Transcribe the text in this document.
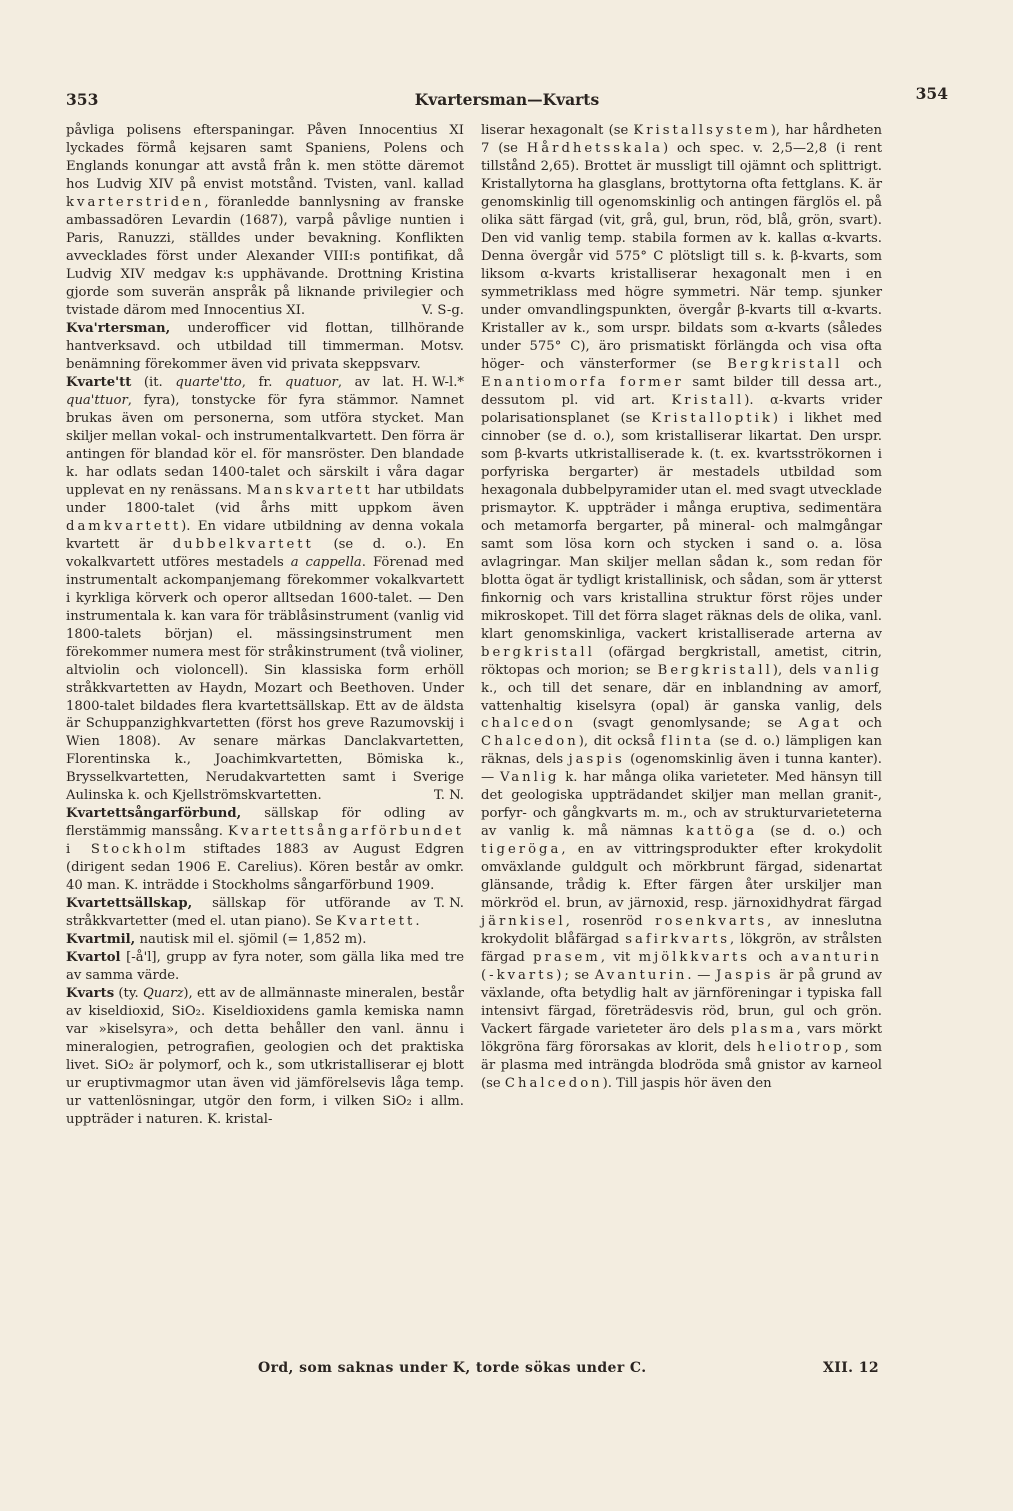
353	Kvartersman—Kvarts	354

påvliga polisens efterspaningar. Påven Innocentius XI lyckades förmå kejsaren samt Spaniens, Polens och Englands konungar att avstå från k. men stötte däremot hos Ludvig XIV på envist motstånd. Tvisten, vanl. kallad kvarterstriden, föranledde bannlysning av franske ambassadören Levardin (1687), varpå påvlige nuntien i Paris, Ranuzzi, ställdes under bevakning. Konflikten avvecklades först under Alexander VIII:s pontifikat, då Ludvig XIV medgav k:s upphävande. Drottning Kristina gjorde som suverän anspråk på liknande privilegier och tvistade därom med Innocentius XI.	V. S-g.

Kva'rtersman, underofficer vid flottan, tillhörande hantverksavd. och utbildad till timmerman. Motsv. benämning förekommer även vid privata skeppsvarv.
H. W-l.*

Kvarte'tt (it. quarte'tto, fr. quatuor, av lat. qua'ttuor, fyra), tonstycke för fyra stämmor. Namnet brukas även om personerna, som utföra stycket. Man skiljer mellan vokal- och instrumentalkvartett. Den förra är antingen för blandad kör el. för mansröster. Den blandade k. har odlats sedan 1400-talet och särskilt i våra dagar upplevat en ny renässans. Manskvartett har utbildats under 1800-talet (vid århs mitt uppkom även damkvartett). En vidare utbildning av denna vokala kvartett är dubbelkvartett (se d. o.). En vokalkvartett utföres mestadels a cappella. Förenad med instrumentalt ackompanjemang förekommer vokalkvartett i kyrkliga körverk och operor alltsedan 1600-talet. — Den instrumentala k. kan vara för träblåsinstrument (vanlig vid 1800-talets början) el. mässingsinstrument men förekommer numera mest för stråkinstrument (två violiner, altviolin och violoncell). Sin klassiska form erhöll stråkkvartetten av Haydn, Mozart och Beethoven. Under 1800-talet bildades flera kvartettsällskap. Ett av de äldsta är Schuppanzighkvartetten (först hos greve Razumovskij i Wien 1808). Av senare märkas Danclakvartetten, Florentinska k., Joachimkvartetten, Bömiska k., Brysselkvartetten, Nerudakvartetten samt i Sverige Aulinska k. och Kjellströmskvartetten.	T. N.

Kvartettsångarförbund, sällskap för odling av flerstämmig manssång. Kvartettsångarförbundet i Stockholm stiftades 1883 av August Edgren (dirigent sedan 1906 E. Carelius). Kören består av omkr. 40 man. K. inträdde i Stockholms sångarförbund 1909.
T. N.

Kvartettsällskap, sällskap för utförande av stråkkvartetter (med el. utan piano). Se Kvartett.

Kvartmil, nautisk mil el. sjömil (= 1,852 m).

Kvartol [-å'l], grupp av fyra noter, som gälla lika med tre av samma värde.

Kvarts (ty. Quarz), ett av de allmännaste mineralen, består av kiseldioxid, SiO₂. Kiseldioxidens gamla kemiska namn var »kiselsyra», och detta behåller den vanl. ännu i mineralogien, petrografien, geologien och det praktiska livet. SiO₂ är polymorf, och k., som utkristalliserar ej blott ur eruptivmagmor utan även vid jämförelsevis låga temp. ur vattenlösningar, utgör den form, i vilken SiO₂ i allm. uppträder i naturen. K. kristal-

liserar hexagonalt (se Kristallsystem), har hårdheten 7 (se Hårdhetsskala) och spec. v. 2,5—2,8 (i rent tillstånd 2,65). Brottet är mussligt till ojämnt och splittrigt. Kristallytorna ha glasglans, brottytorna ofta fettglans. K. är genomskinlig till ogenomskinlig och antingen färglös el. på olika sätt färgad (vit, grå, gul, brun, röd, blå, grön, svart). Den vid vanlig temp. stabila formen av k. kallas α-kvarts. Denna övergår vid 575° C plötsligt till s. k. β-kvarts, som liksom α-kvarts kristalliserar hexagonalt men i en symmetriklass med högre symmetri. När temp. sjunker under omvandlingspunkten, övergår β-kvarts till α-kvarts. Kristaller av k., som urspr. bildats som α-kvarts (således under 575° C), äro prismatiskt förlängda och visa ofta höger- och vänsterformer (se Bergkristall och Enantiomorfa former samt bilder till dessa art., dessutom pl. vid art. Kristall). α-kvarts vrider polarisationsplanet (se Kristalloptik) i likhet med cinnober (se d. o.), som kristalliserar likartat. Den urspr. som β-kvarts utkristalliserade k. (t. ex. kvartsströkornen i porfyriska bergarter) är mestadels utbildad som hexagonala dubbelpyramider utan el. med svagt utvecklade prismaytor. K. uppträder i många eruptiva, sedimentära och metamorfa bergarter, på mineral- och malmgångar samt som lösa korn och stycken i sand o. a. lösa avlagringar. Man skiljer mellan sådan k., som redan för blotta ögat är tydligt kristallinisk, och sådan, som är ytterst finkornig och vars kristallina struktur först röjes under mikroskopet. Till det förra slaget räknas dels de olika, vanl. klart genomskinliga, vackert kristalliserade arterna av bergkristall (ofärgad bergkristall, ametist, citrin, röktopas och morion; se Bergkristall), dels vanlig k., och till det senare, där en inblandning av amorf, vattenhaltig kiselsyra (opal) är ganska vanlig, dels chalcedon (svagt genomlysande; se Agat och Chalcedon), dit också flinta (se d. o.) lämpligen kan räknas, dels jaspis (ogenomskinlig även i tunna kanter). — Vanlig k. har många olika varieteter. Med hänsyn till det geologiska uppträdandet skiljer man mellan granit-, porfyr- och gångkvarts m. m., och av strukturvarieteterna av vanlig k. må nämnas kattöga (se d. o.) och tigeröga, en av vittringsprodukter efter krokydolit omväxlande guldgult och mörkbrunt färgad, sidenartat glänsande, trådig k. Efter färgen åter urskiljer man mörkröd el. brun, av järnoxid, resp. järnoxidhydrat färgad järnkisel, rosenröd rosenkvarts, av inneslutna krokydolit blåfärgad safirkvarts, lökgrön, av strålsten färgad prasem, vit mjölkkvarts och avanturin (-kvarts); se Avanturin. — Jaspis är på grund av växlande, ofta betydlig halt av järnföreningar i typiska fall intensivt färgad, företrädesvis röd, brun, gul och grön. Vackert färgade varieteter äro dels plasma, vars mörkt lökgröna färg förorsakas av klorit, dels heliotrop, som är plasma med inträngda blodröda små gnistor av karneol (se Chalcedon). Till jaspis hör även den

Ord, som saknas under K, torde sökas under C.	XII. 12
